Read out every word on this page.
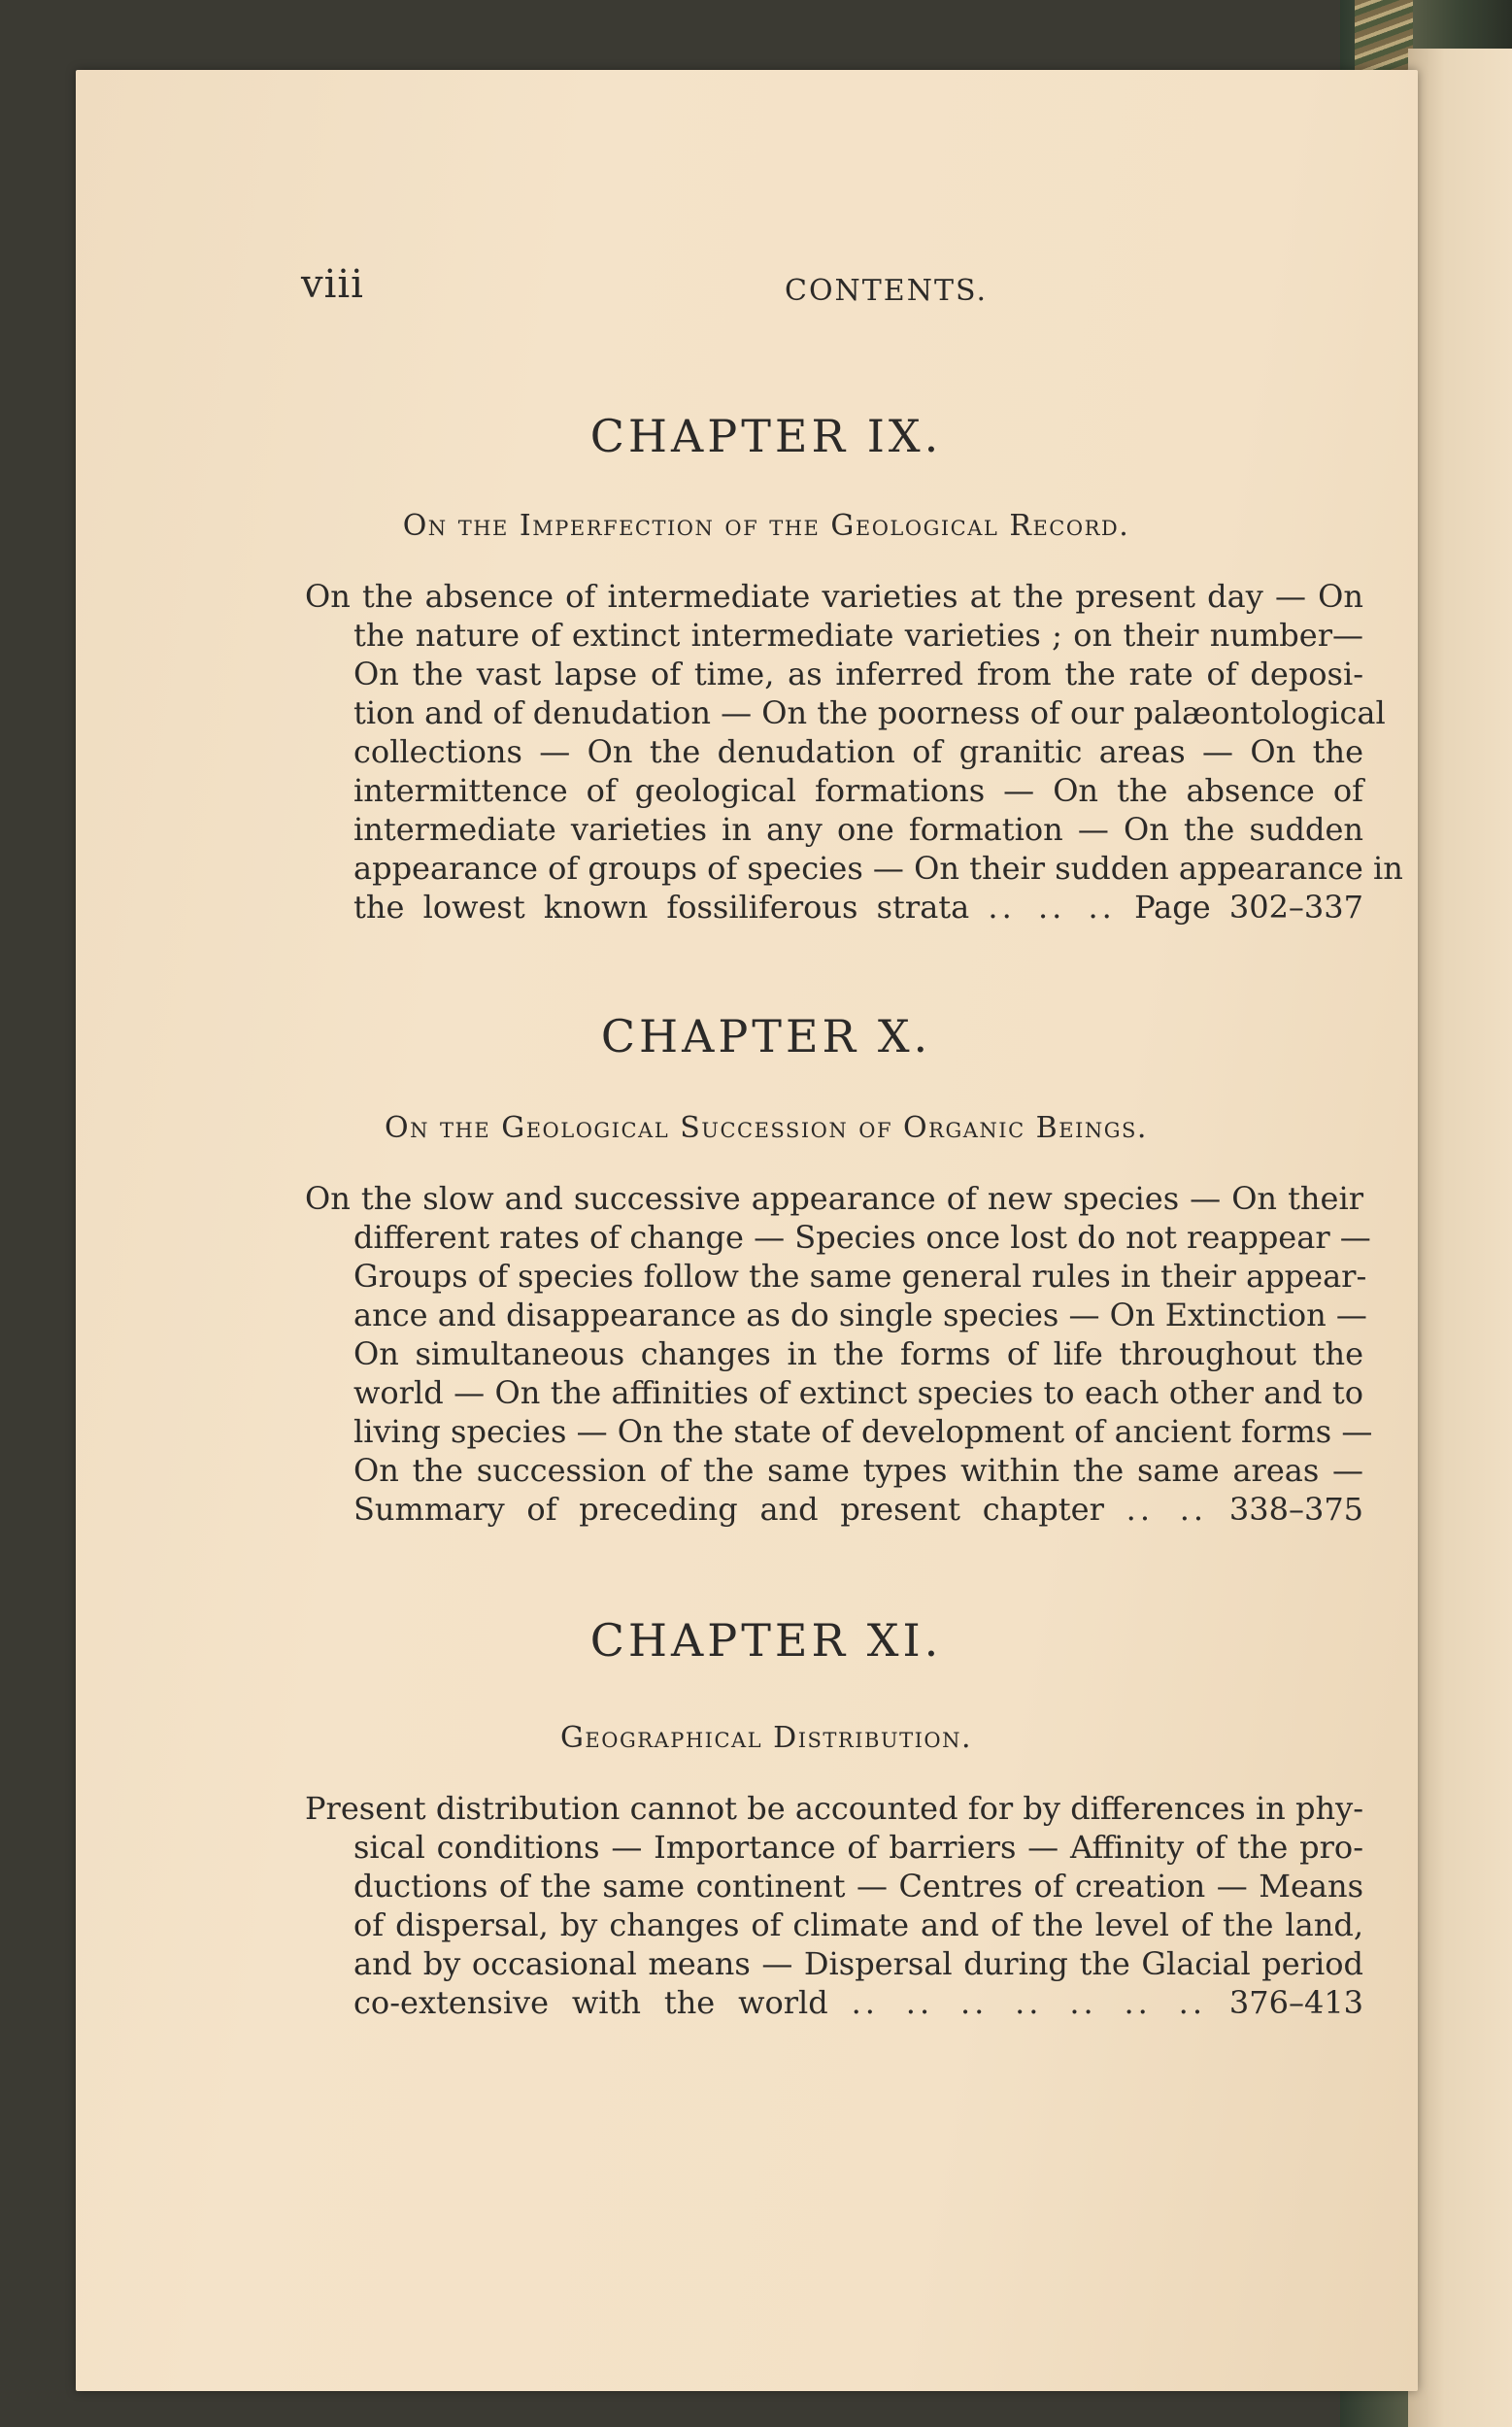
viii	CONTENTS.
CHAPTER IX.
On the Imperfection of the Geological Record.
On the absence of intermediate varieties at the present day — On
the nature of extinct intermediate varieties ; on their number—
On the vast lapse of time, as inferred from the rate of deposi-
tion and of denudation — On the poorness of our palæontological
collections — On the denudation of granitic areas — On the
intermittence of geological formations — On the absence of
intermediate varieties in any one formation — On the sudden
appearance of groups of species — On their sudden appearance in
the lowest known fossiliferous strata .. .. .. Page 302–337
CHAPTER X.
On the Geological Succession of Organic Beings.
On the slow and successive appearance of new species — On their
different rates of change — Species once lost do not reappear —
Groups of species follow the same general rules in their appear-
ance and disappearance as do single species — On Extinction —
On simultaneous changes in the forms of life throughout the
world — On the affinities of extinct species to each other and to
living species — On the state of development of ancient forms —
On the succession of the same types within the same areas —
Summary of preceding and present chapter .. .. 338–375
CHAPTER XI.
Geographical Distribution.
Present distribution cannot be accounted for by differences in phy-
sical conditions — Importance of barriers — Affinity of the pro-
ductions of the same continent — Centres of creation — Means
of dispersal, by changes of climate and of the level of the land,
and by occasional means — Dispersal during the Glacial period
co-extensive with the world .. .. .. .. .. .. .. 376–413
